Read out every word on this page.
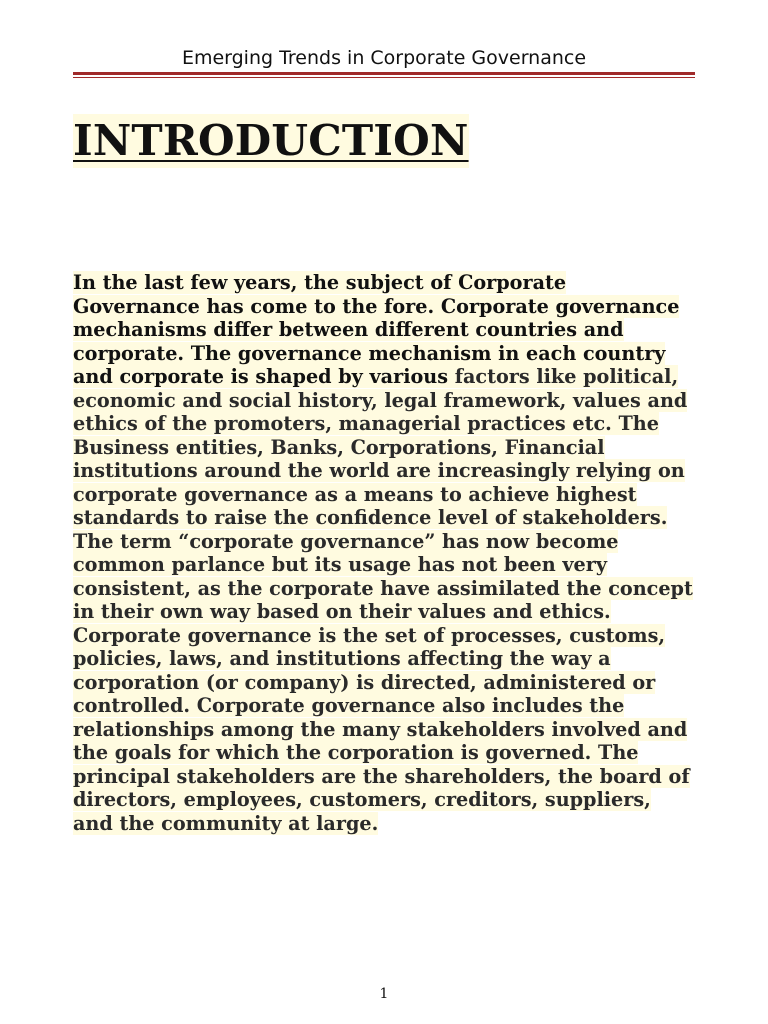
Emerging Trends in Corporate Governance
INTRODUCTION

In the last few years, the subject of Corporate Governance has come to the fore. Corporate governance mechanisms differ between different countries and corporate. The governance mechanism in each country and corporate is shaped by various factors like political, economic and social history, legal framework, values and ethics of the promoters, managerial practices etc. The Business entities, Banks, Corporations, Financial institutions around the world are increasingly relying on corporate governance as a means to achieve highest standards to raise the confidence level of stakeholders. The term “corporate governance” has now become common parlance but its usage has not been very consistent, as the corporate have assimilated the concept in their own way based on their values and ethics. Corporate governance is the set of processes, customs, policies, laws, and institutions affecting the way a corporation (or company) is directed, administered or controlled. Corporate governance also includes the relationships among the many stakeholders involved and the goals for which the corporation is governed. The principal stakeholders are the shareholders, the board of directors, employees, customers, creditors, suppliers, and the community at large.

1
